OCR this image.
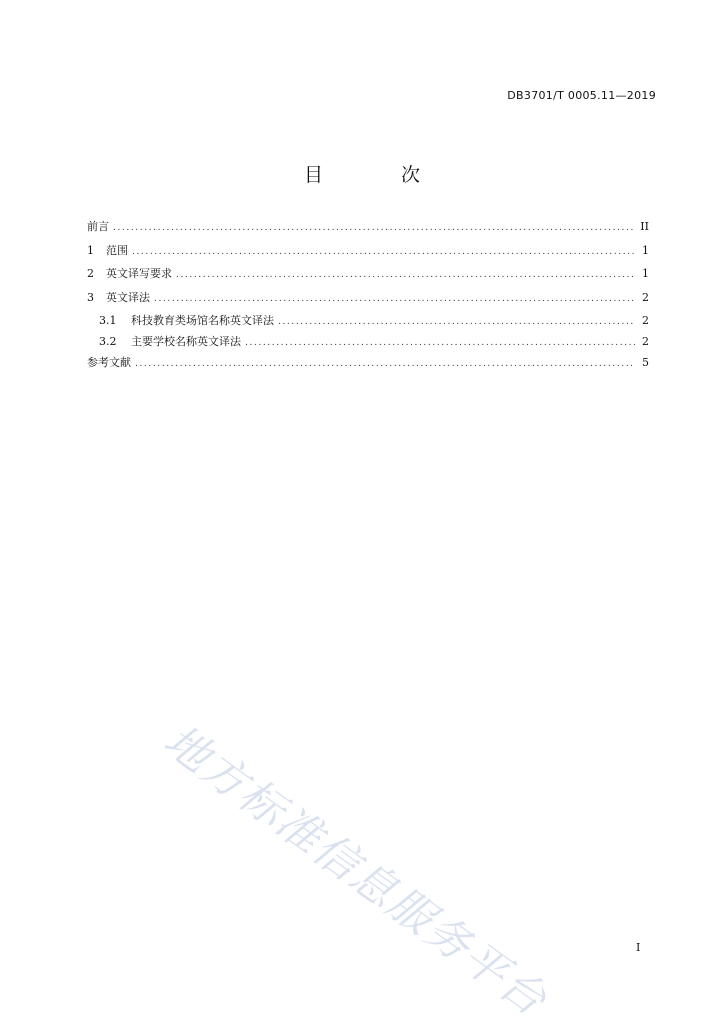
DB3701/T 0005.11—2019
目 次
前言 .....	II
1	范围 .....	1
2	英文译写要求 .....	1
3	英文译法 .....	2
3.1	科技教育类场馆名称英文译法 .....	2
3.2	主要学校名称英文译法 .....	2
参考文献 .....	5
地方标准信息服务平台	I
